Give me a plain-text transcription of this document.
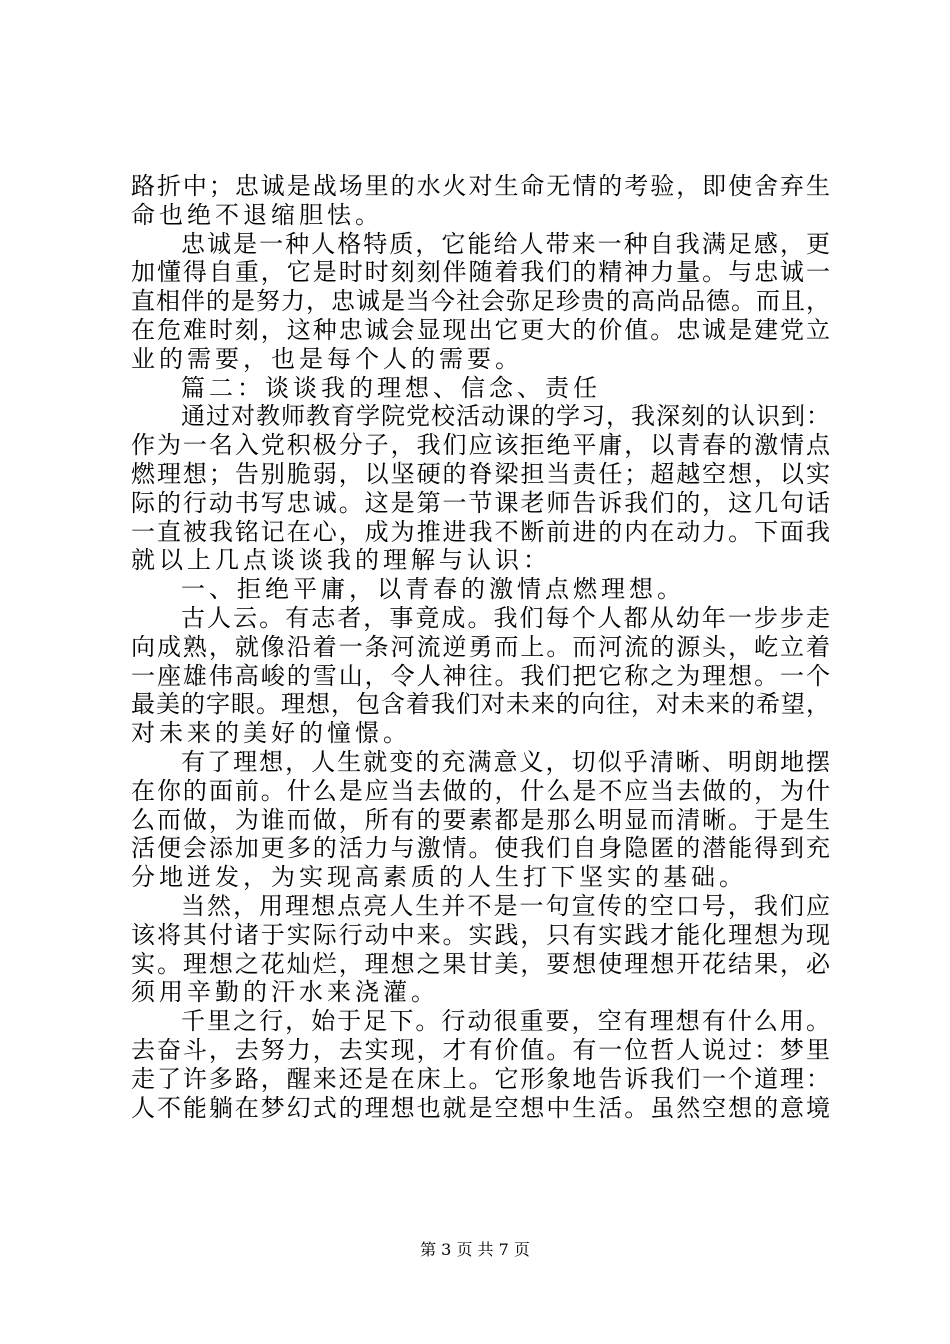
路折中；忠诚是战场里的水火对生命无情的考验，即使舍弃生
命也绝不退缩胆怯。
忠诚是一种人格特质，它能给人带来一种自我满足感，更
加懂得自重，它是时时刻刻伴随着我们的精神力量。与忠诚一
直相伴的是努力，忠诚是当今社会弥足珍贵的高尚品德。而且，
在危难时刻，这种忠诚会显现出它更大的价值。忠诚是建党立
业的需要，也是每个人的需要。
篇二：谈谈我的理想、信念、责任
通过对教师教育学院党校活动课的学习，我深刻的认识到：
作为一名入党积极分子，我们应该拒绝平庸，以青春的激情点
燃理想；告别脆弱，以坚硬的脊梁担当责任；超越空想，以实
际的行动书写忠诚。这是第一节课老师告诉我们的，这几句话
一直被我铭记在心，成为推进我不断前进的内在动力。下面我
就以上几点谈谈我的理解与认识：
一、拒绝平庸，以青春的激情点燃理想。
古人云。有志者，事竟成。我们每个人都从幼年一步步走
向成熟，就像沿着一条河流逆勇而上。而河流的源头，屹立着
一座雄伟高峻的雪山，令人神往。我们把它称之为理想。一个
最美的字眼。理想，包含着我们对未来的向往，对未来的希望，
对未来的美好的憧憬。
有了理想，人生就变的充满意义，切似乎清晰、明朗地摆
在你的面前。什么是应当去做的，什么是不应当去做的，为什
么而做，为谁而做，所有的要素都是那么明显而清晰。于是生
活便会添加更多的活力与激情。使我们自身隐匿的潜能得到充
分地迸发，为实现高素质的人生打下坚实的基础。
当然，用理想点亮人生并不是一句宣传的空口号，我们应
该将其付诸于实际行动中来。实践，只有实践才能化理想为现
实。理想之花灿烂，理想之果甘美，要想使理想开花结果，必
须用辛勤的汗水来浇灌。
千里之行，始于足下。行动很重要，空有理想有什么用。
去奋斗，去努力，去实现，才有价值。有一位哲人说过：梦里
走了许多路，醒来还是在床上。它形象地告诉我们一个道理：
人不能躺在梦幻式的理想也就是空想中生活。虽然空想的意境
第 3 页 共 7 页
